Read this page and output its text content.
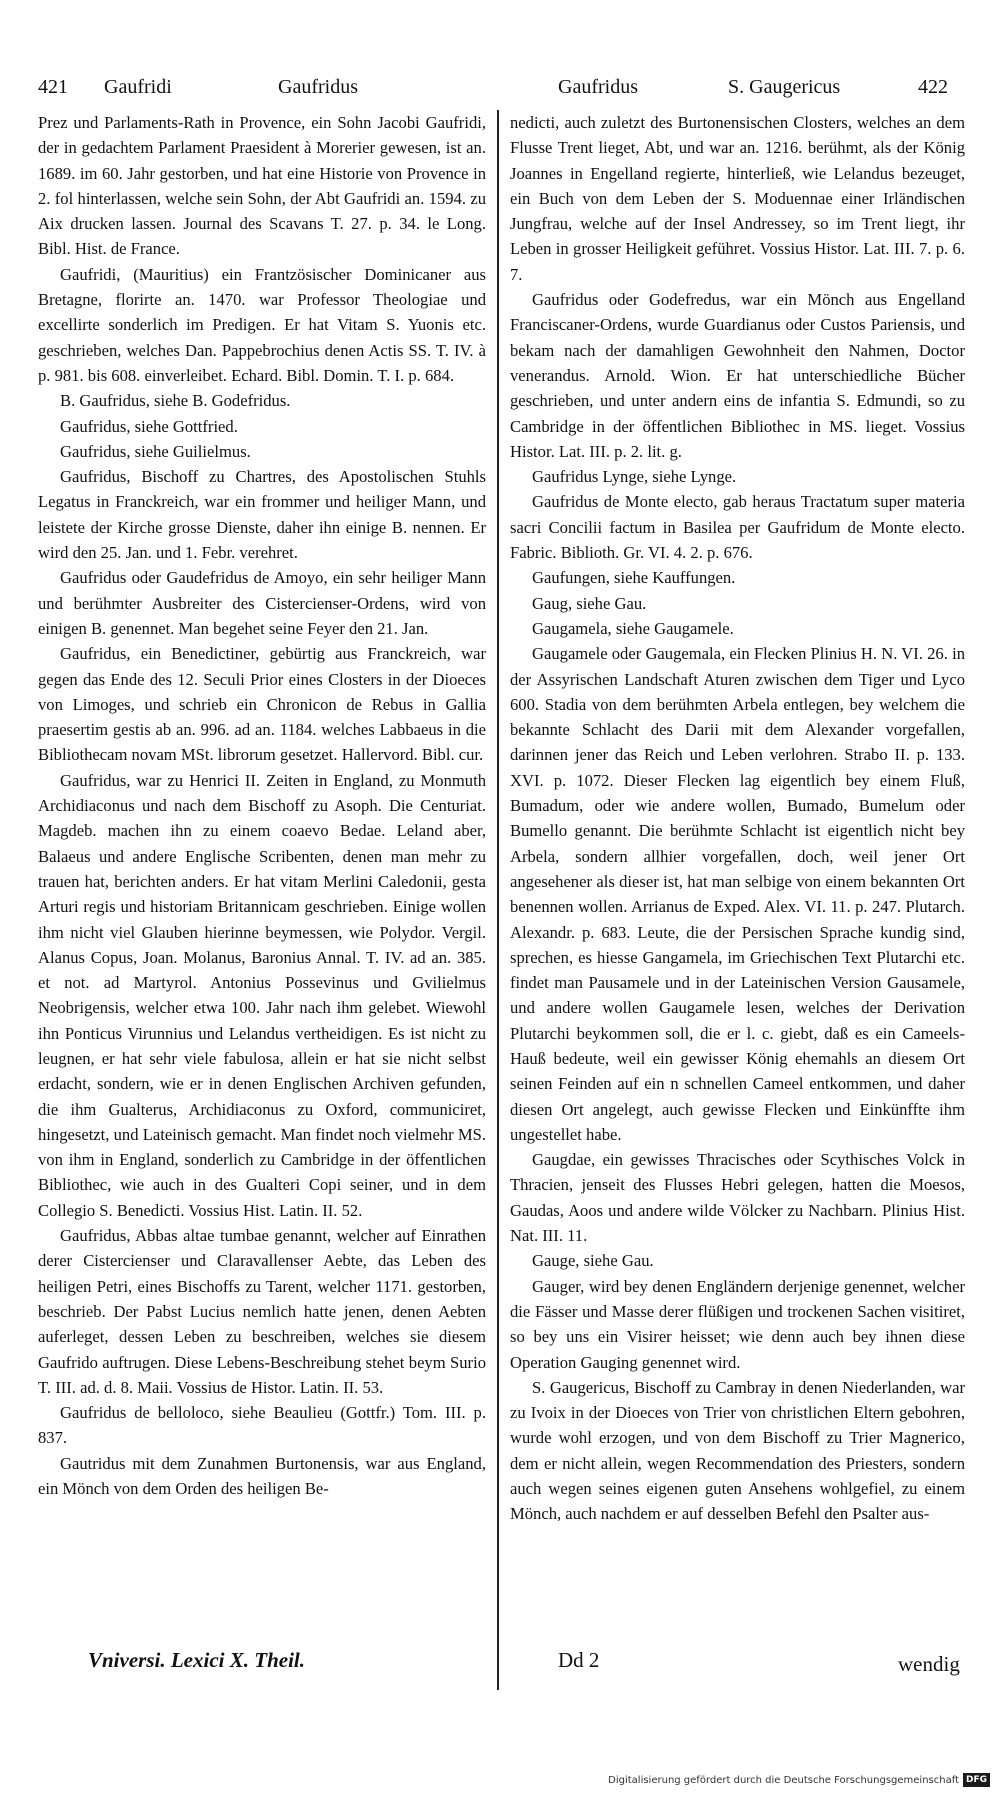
421 Gaufridi	Gaufridus	Gaufridus	S. Gaugericus	422

Prez und Parlaments-Rath in Provence, ein Sohn Jacobi Gaufridi, der in gedachtem Parlament Praesident à Morerier gewesen, ist an. 1689. im 60. Jahr gestorben, und hat eine Historie von Provence in 2. fol hinterlassen, welche sein Sohn, der Abt Gaufridi an. 1594. zu Aix drucken lassen. Journal des Scavans T. 27. p. 34. le Long. Bibl. Hist. de France.

Gaufridi, (Mauritius) ein Frantzösischer Dominicaner aus Bretagne, florirte an. 1470. war Professor Theologiae und excellirte sonderlich im Predigen. Er hat Vitam S. Yuonis etc. geschrieben, welches Dan. Pappebrochius denen Actis SS. T. IV. à p. 981. bis 608. einverleibet. Echard. Bibl. Domin. T. I. p. 684.

B. Gaufridus, siehe B. Godefridus.

Gaufridus, siehe Gottfried.

Gaufridus, siehe Guilielmus.

Gaufridus, Bischoff zu Chartres, des Apostolischen Stuhls Legatus in Franckreich, war ein frommer und heiliger Mann, und leistete der Kirche grosse Dienste, daher ihn einige B. nennen. Er wird den 25. Jan. und 1. Febr. verehret.

Gaufridus oder Gaudefridus de Amoyo, ein sehr heiliger Mann und berühmter Ausbreiter des Cistercienser-Ordens, wird von einigen B. genennet. Man begehet seine Feyer den 21. Jan.

Gaufridus, ein Benedictiner, gebürtig aus Franckreich, war gegen das Ende des 12. Seculi Prior eines Closters in der Dioeces von Limoges, und schrieb ein Chronicon de Rebus in Gallia praesertim gestis ab an. 996. ad an. 1184. welches Labbaeus in die Bibliothecam novam MSt. librorum gesetzet. Hallervord. Bibl. cur.

Gaufridus, war zu Henrici II. Zeiten in England, zu Monmuth Archidiaconus und nach dem Bischoff zu Asoph. Die Centuriat. Magdeb. machen ihn zu einem coaevo Bedae. Leland aber, Balaeus und andere Englische Scribenten, denen man mehr zu trauen hat, berichten anders. Er hat vitam Merlini Caledonii, gesta Arturi regis und historiam Britannicam geschrieben. Einige wollen ihm nicht viel Glauben hierinne beymessen, wie Polydor. Vergil. Alanus Copus, Joan. Molanus, Baronius Annal. T. IV. ad an. 385. et not. ad Martyrol. Antonius Possevinus und Gvilielmus Neobrigensis, welcher etwa 100. Jahr nach ihm gelebet. Wiewohl ihn Ponticus Virunnius und Lelandus vertheidigen. Es ist nicht zu leugnen, er hat sehr viele fabulosa, allein er hat sie nicht selbst erdacht, sondern, wie er in denen Englischen Archiven gefunden, die ihm Gualterus, Archidiaconus zu Oxford, communiciret, hingesetzt, und Lateinisch gemacht. Man findet noch vielmehr MS. von ihm in England, sonderlich zu Cambridge in der öffentlichen Bibliothec, wie auch in des Gualteri Copi seiner, und in dem Collegio S. Benedicti. Vossius Hist. Latin. II. 52.

Gaufridus, Abbas altae tumbae genannt, welcher auf Einrathen derer Cistercienser und Claravallenser Aebte, das Leben des heiligen Petri, eines Bischoffs zu Tarent, welcher 1171. gestorben, beschrieb. Der Pabst Lucius nemlich hatte jenen, denen Aebten auferleget, dessen Leben zu beschreiben, welches sie diesem Gaufrido auftrugen. Diese Lebens-Beschreibung stehet beym Surio T. III. ad. d. 8. Maii. Vossius de Histor. Latin. II. 53.

Gaufridus de belloloco, siehe Beaulieu (Gottfr.) Tom. III. p. 837.

Gautridus mit dem Zunahmen Burtonensis, war aus England, ein Mönch von dem Orden des heiligen Be-

nedicti, auch zuletzt des Burtonensischen Closters, welches an dem Flusse Trent lieget, Abt, und war an. 1216. berühmt, als der König Joannes in Engelland regierte, hinterließ, wie Lelandus bezeuget, ein Buch von dem Leben der S. Moduennae einer Irländischen Jungfrau, welche auf der Insel Andressey, so im Trent liegt, ihr Leben in grosser Heiligkeit geführet. Vossius Histor. Lat. III. 7. p. 6. 7.

Gaufridus oder Godefredus, war ein Mönch aus Engelland Franciscaner-Ordens, wurde Guardianus oder Custos Pariensis, und bekam nach der damahligen Gewohnheit den Nahmen, Doctor venerandus. Arnold. Wion. Er hat unterschiedliche Bücher geschrieben, und unter andern eins de infantia S. Edmundi, so zu Cambridge in der öffentlichen Bibliothec in MS. lieget. Vossius Histor. Lat. III. p. 2. lit. g.

Gaufridus Lynge, siehe Lynge.

Gaufridus de Monte electo, gab heraus Tractatum super materia sacri Concilii factum in Basilea per Gaufridum de Monte electo. Fabric. Biblioth. Gr. VI. 4. 2. p. 676.

Gaufungen, siehe Kauffungen.

Gaug, siehe Gau.

Gaugamela, siehe Gaugamele.

Gaugamele oder Gaugemala, ein Flecken Plinius H. N. VI. 26. in der Assyrischen Landschaft Aturen zwischen dem Tiger und Lyco 600. Stadia von dem berühmten Arbela entlegen, bey welchem die bekannte Schlacht des Darii mit dem Alexander vorgefallen, darinnen jener das Reich und Leben verlohren. Strabo II. p. 133. XVI. p. 1072. Dieser Flecken lag eigentlich bey einem Fluß, Bumadum, oder wie andere wollen, Bumado, Bumelum oder Bumello genannt. Die berühmte Schlacht ist eigentlich nicht bey Arbela, sondern allhier vorgefallen, doch, weil jener Ort angesehener als dieser ist, hat man selbige von einem bekannten Ort benennen wollen. Arrianus de Exped. Alex. VI. 11. p. 247. Plutarch. Alexandr. p. 683. Leute, die der Persischen Sprache kundig sind, sprechen, es hiesse Gangamela, im Griechischen Text Plutarchi etc. findet man Pausamele und in der Lateinischen Version Gausamele, und andere wollen Gaugamele lesen, welches der Derivation Plutarchi beykommen soll, die er l. c. giebt, daß es ein Cameels-Hauß bedeute, weil ein gewisser König ehemahls an diesem Ort seinen Feinden auf ein n schnellen Cameel entkommen, und daher diesen Ort angelegt, auch gewisse Flecken und Einkünffte ihm ungestellet habe.

Gaugdae, ein gewisses Thracisches oder Scythisches Volck in Thracien, jenseit des Flusses Hebri gelegen, hatten die Moesos, Gaudas, Aoos und andere wilde Völcker zu Nachbarn. Plinius Hist. Nat. III. 11.

Gauge, siehe Gau.

Gauger, wird bey denen Engländern derjenige genennet, welcher die Fässer und Masse derer flüßigen und trockenen Sachen visitiret, so bey uns ein Visirer heisset; wie denn auch bey ihnen diese Operation Gauging genennet wird.

S. Gaugericus, Bischoff zu Cambray in denen Niederlanden, war zu Ivoix in der Dioeces von Trier von christlichen Eltern gebohren, wurde wohl erzogen, und von dem Bischoff zu Trier Magnerico, dem er nicht allein, wegen Recommendation des Priesters, sondern auch wegen seines eigenen guten Ansehens wohlgefiel, zu einem Mönch, auch nachdem er auf desselben Befehl den Psalter aus-

Vniversi. Lexici X. Theil.	Dd 2	wendig
Digitalisierung gefördert durch die Deutsche Forschungsgemeinschaft DFG
